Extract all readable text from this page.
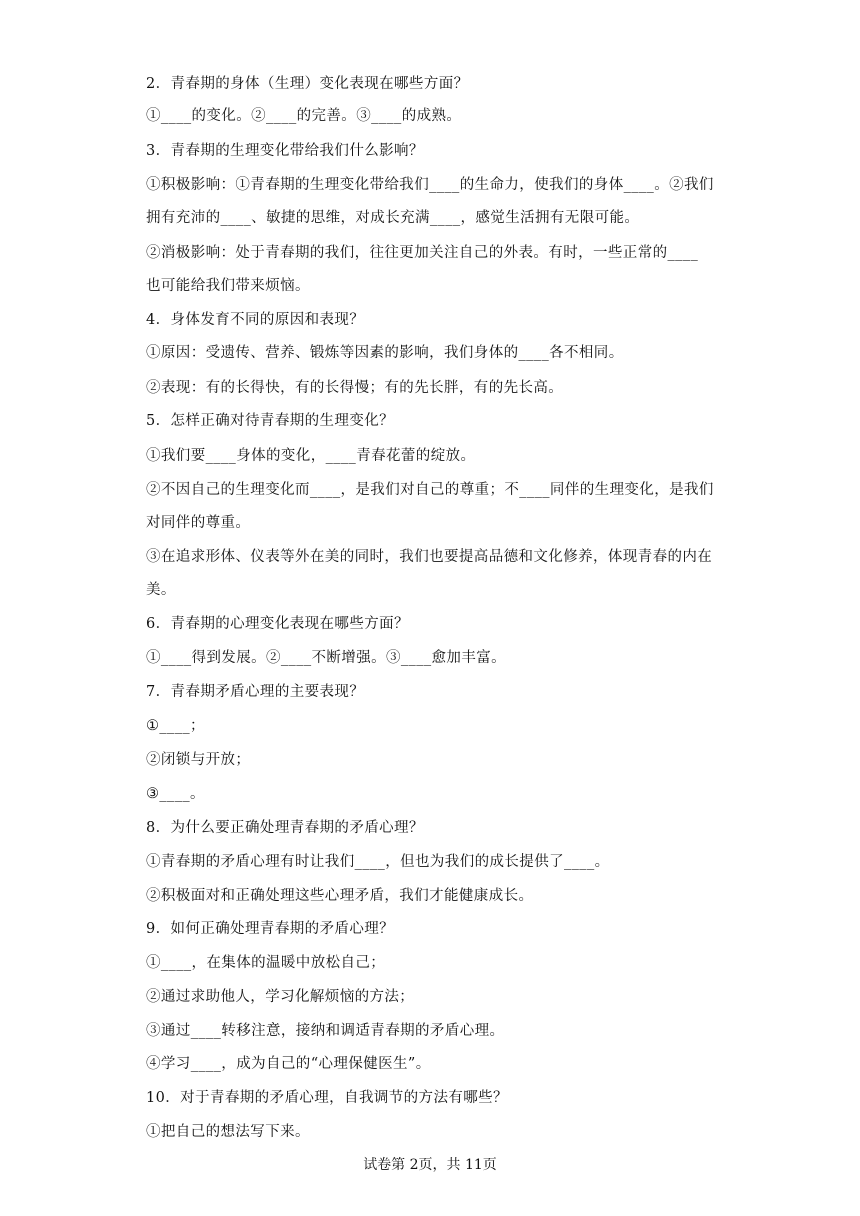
2．青春期的身体（生理）变化表现在哪些方面？
①____的变化。②____的完善。③____的成熟。
3．青春期的生理变化带给我们什么影响？
①积极影响：①青春期的生理变化带给我们____的生命力，使我们的身体____。②我们
拥有充沛的____、敏捷的思维，对成长充满____，感觉生活拥有无限可能。
②消极影响：处于青春期的我们，往往更加关注自己的外表。有时，一些正常的____
也可能给我们带来烦恼。
4．身体发育不同的原因和表现？
①原因：受遗传、营养、锻炼等因素的影响，我们身体的____各不相同。
②表现：有的长得快，有的长得慢；有的先长胖，有的先长高。
5．怎样正确对待青春期的生理变化？
①我们要____身体的变化，____青春花蕾的绽放。
②不因自己的生理变化而____，是我们对自己的尊重；不____同伴的生理变化，是我们
对同伴的尊重。
③在追求形体、仪表等外在美的同时，我们也要提高品德和文化修养，体现青春的内在
美。
6．青春期的心理变化表现在哪些方面？
①____得到发展。②____不断增强。③____愈加丰富。
7．青春期矛盾心理的主要表现？
①____；
②闭锁与开放；
③____。
8．为什么要正确处理青春期的矛盾心理？
①青春期的矛盾心理有时让我们____，但也为我们的成长提供了____。
②积极面对和正确处理这些心理矛盾，我们才能健康成长。
9．如何正确处理青春期的矛盾心理？
①____，在集体的温暖中放松自己；
②通过求助他人，学习化解烦恼的方法；
③通过____转移注意，接纳和调适青春期的矛盾心理。
④学习____，成为自己的“心理保健医生”。
10．对于青春期的矛盾心理，自我调节的方法有哪些？
①把自己的想法写下来。
试卷第 2页，共 11页
